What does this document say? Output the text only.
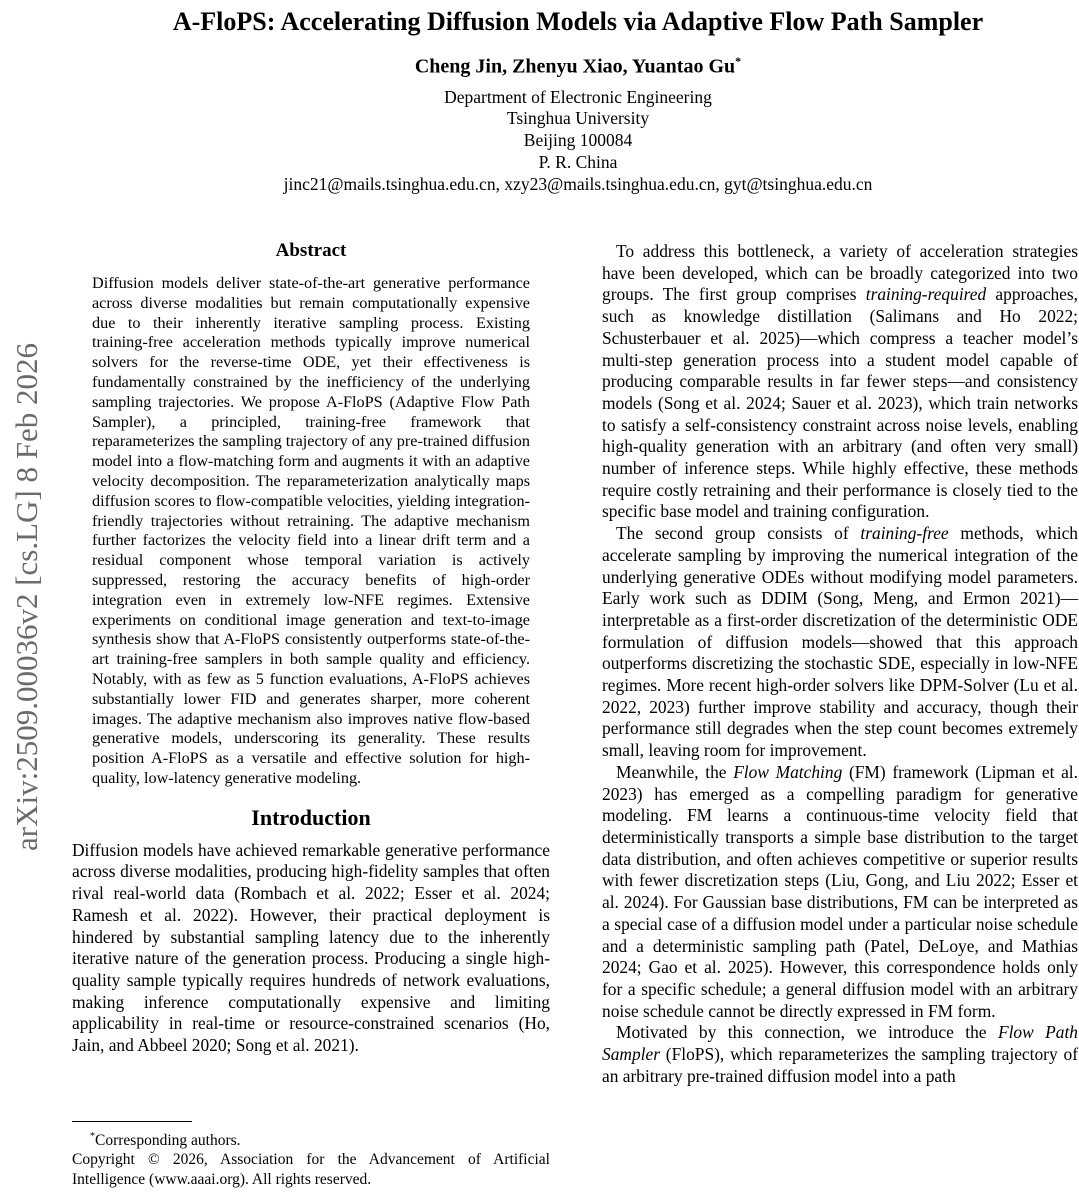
arXiv:2509.00036v2 [cs.LG] 8 Feb 2026
A-FloPS: Accelerating Diffusion Models via Adaptive Flow Path Sampler
Cheng Jin, Zhenyu Xiao, Yuantao Gu*
Department of Electronic Engineering
Tsinghua University
Beijing 100084
P. R. China
jinc21@mails.tsinghua.edu.cn, xzy23@mails.tsinghua.edu.cn, gyt@tsinghua.edu.cn
Abstract

Diffusion models deliver state-of-the-art generative performance across diverse modalities but remain computationally expensive due to their inherently iterative sampling process. Existing training-free acceleration methods typically improve numerical solvers for the reverse-time ODE, yet their effectiveness is fundamentally constrained by the inefficiency of the underlying sampling trajectories. We propose A-FloPS (Adaptive Flow Path Sampler), a principled, training-free framework that reparameterizes the sampling trajectory of any pre-trained diffusion model into a flow-matching form and augments it with an adaptive velocity decomposition. The reparameterization analytically maps diffusion scores to flow-compatible velocities, yielding integration-friendly trajectories without retraining. The adaptive mechanism further factorizes the velocity field into a linear drift term and a residual component whose temporal variation is actively suppressed, restoring the accuracy benefits of high-order integration even in extremely low-NFE regimes. Extensive experiments on conditional image generation and text-to-image synthesis show that A-FloPS consistently outperforms state-of-the-art training-free samplers in both sample quality and efficiency. Notably, with as few as 5 function evaluations, A-FloPS achieves substantially lower FID and generates sharper, more coherent images. The adaptive mechanism also improves native flow-based generative models, underscoring its generality. These results position A-FloPS as a versatile and effective solution for high-quality, low-latency generative modeling.

Introduction

Diffusion models have achieved remarkable generative performance across diverse modalities, producing high-fidelity samples that often rival real-world data (Rombach et al. 2022; Esser et al. 2024; Ramesh et al. 2022). However, their practical deployment is hindered by substantial sampling latency due to the inherently iterative nature of the generation process. Producing a single high-quality sample typically requires hundreds of network evaluations, making inference computationally expensive and limiting applicability in real-time or resource-constrained scenarios (Ho, Jain, and Abbeel 2020; Song et al. 2021).

To address this bottleneck, a variety of acceleration strategies have been developed, which can be broadly categorized into two groups. The first group comprises training-required approaches, such as knowledge distillation (Salimans and Ho 2022; Schusterbauer et al. 2025)—which compress a teacher model’s multi-step generation process into a student model capable of producing comparable results in far fewer steps—and consistency models (Song et al. 2024; Sauer et al. 2023), which train networks to satisfy a self-consistency constraint across noise levels, enabling high-quality generation with an arbitrary (and often very small) number of inference steps. While highly effective, these methods require costly retraining and their performance is closely tied to the specific base model and training configuration.

The second group consists of training-free methods, which accelerate sampling by improving the numerical integration of the underlying generative ODEs without modifying model parameters. Early work such as DDIM (Song, Meng, and Ermon 2021)—interpretable as a first-order discretization of the deterministic ODE formulation of diffusion models—showed that this approach outperforms discretizing the stochastic SDE, especially in low-NFE regimes. More recent high-order solvers like DPM-Solver (Lu et al. 2022, 2023) further improve stability and accuracy, though their performance still degrades when the step count becomes extremely small, leaving room for improvement.

Meanwhile, the Flow Matching (FM) framework (Lipman et al. 2023) has emerged as a compelling paradigm for generative modeling. FM learns a continuous-time velocity field that deterministically transports a simple base distribution to the target data distribution, and often achieves competitive or superior results with fewer discretization steps (Liu, Gong, and Liu 2022; Esser et al. 2024). For Gaussian base distributions, FM can be interpreted as a special case of a diffusion model under a particular noise schedule and a deterministic sampling path (Patel, DeLoye, and Mathias 2024; Gao et al. 2025). However, this correspondence holds only for a specific schedule; a general diffusion model with an arbitrary noise schedule cannot be directly expressed in FM form.

Motivated by this connection, we introduce the Flow Path Sampler (FloPS), which reparameterizes the sampling trajectory of an arbitrary pre-trained diffusion model into a path

*Corresponding authors.

Copyright © 2026, Association for the Advancement of Artificial Intelligence (www.aaai.org). All rights reserved.
